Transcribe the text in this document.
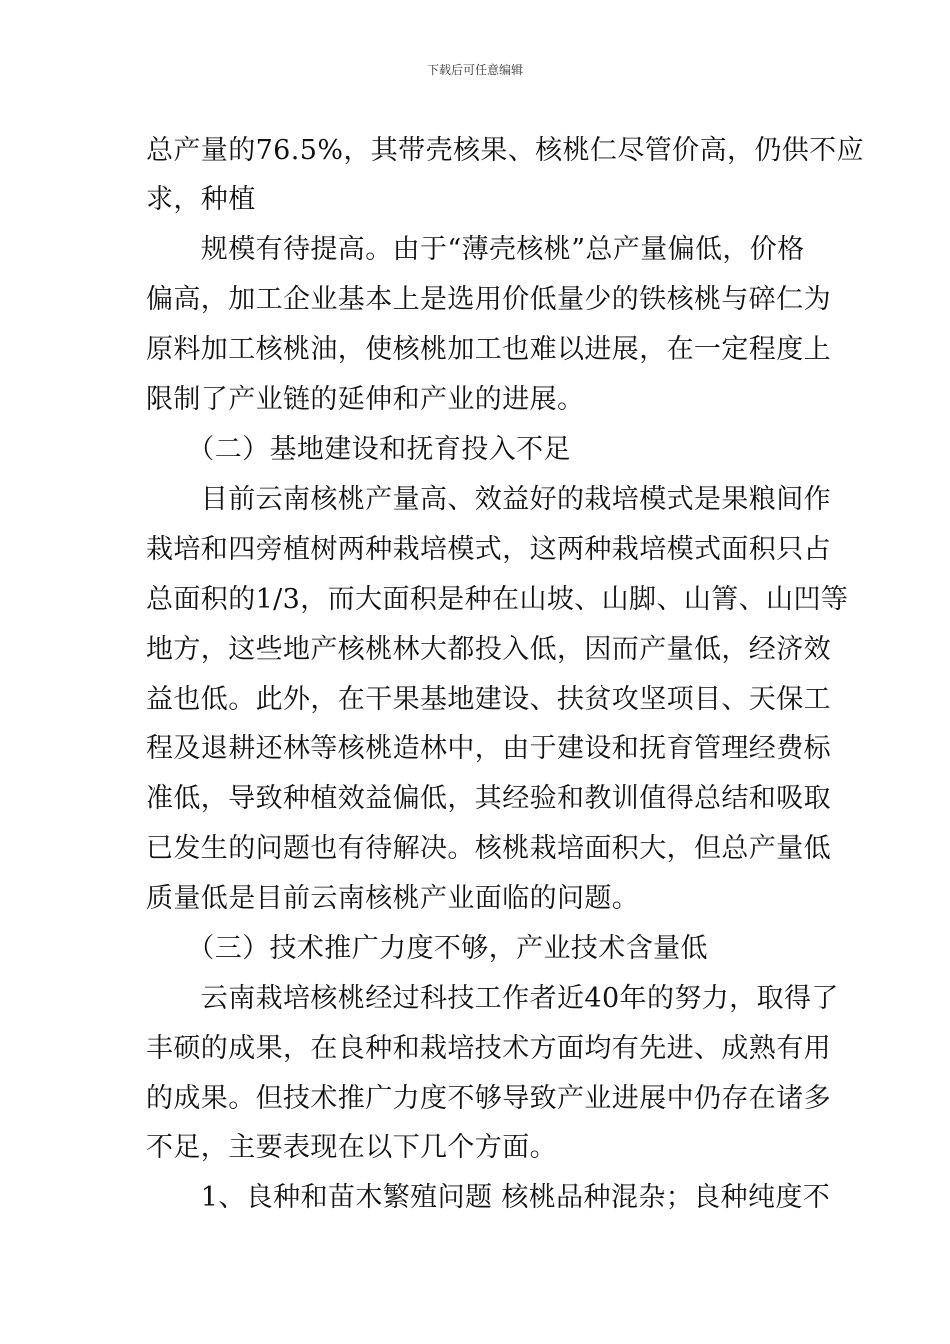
下载后可任意编辑
总产量的76.5%，其带壳核果、核桃仁尽管价高，仍供不应
求，种植
　　规模有待提高。由于“薄壳核桃”总产量偏低，价格
偏高，加工企业基本上是选用价低量少的铁核桃与碎仁为
原料加工核桃油，使核桃加工也难以进展，在一定程度上
限制了产业链的延伸和产业的进展。
　　（二）基地建设和抚育投入不足
　　目前云南核桃产量高、效益好的栽培模式是果粮间作
栽培和四旁植树两种栽培模式，这两种栽培模式面积只占
总面积的1/3，而大面积是种在山坡、山脚、山箐、山凹等
地方，这些地产核桃林大都投入低，因而产量低，经济效
益也低。此外，在干果基地建设、扶贫攻坚项目、天保工
程及退耕还林等核桃造林中，由于建设和抚育管理经费标
准低，导致种植效益偏低，其经验和教训值得总结和吸取
已发生的问题也有待解决。核桃栽培面积大，但总产量低
质量低是目前云南核桃产业面临的问题。
　　（三）技术推广力度不够，产业技术含量低
　　云南栽培核桃经过科技工作者近40年的努力，取得了
丰硕的成果，在良种和栽培技术方面均有先进、成熟有用
的成果。但技术推广力度不够导致产业进展中仍存在诸多
不足，主要表现在以下几个方面。
　　1、良种和苗木繁殖问题 核桃品种混杂；良种纯度不
